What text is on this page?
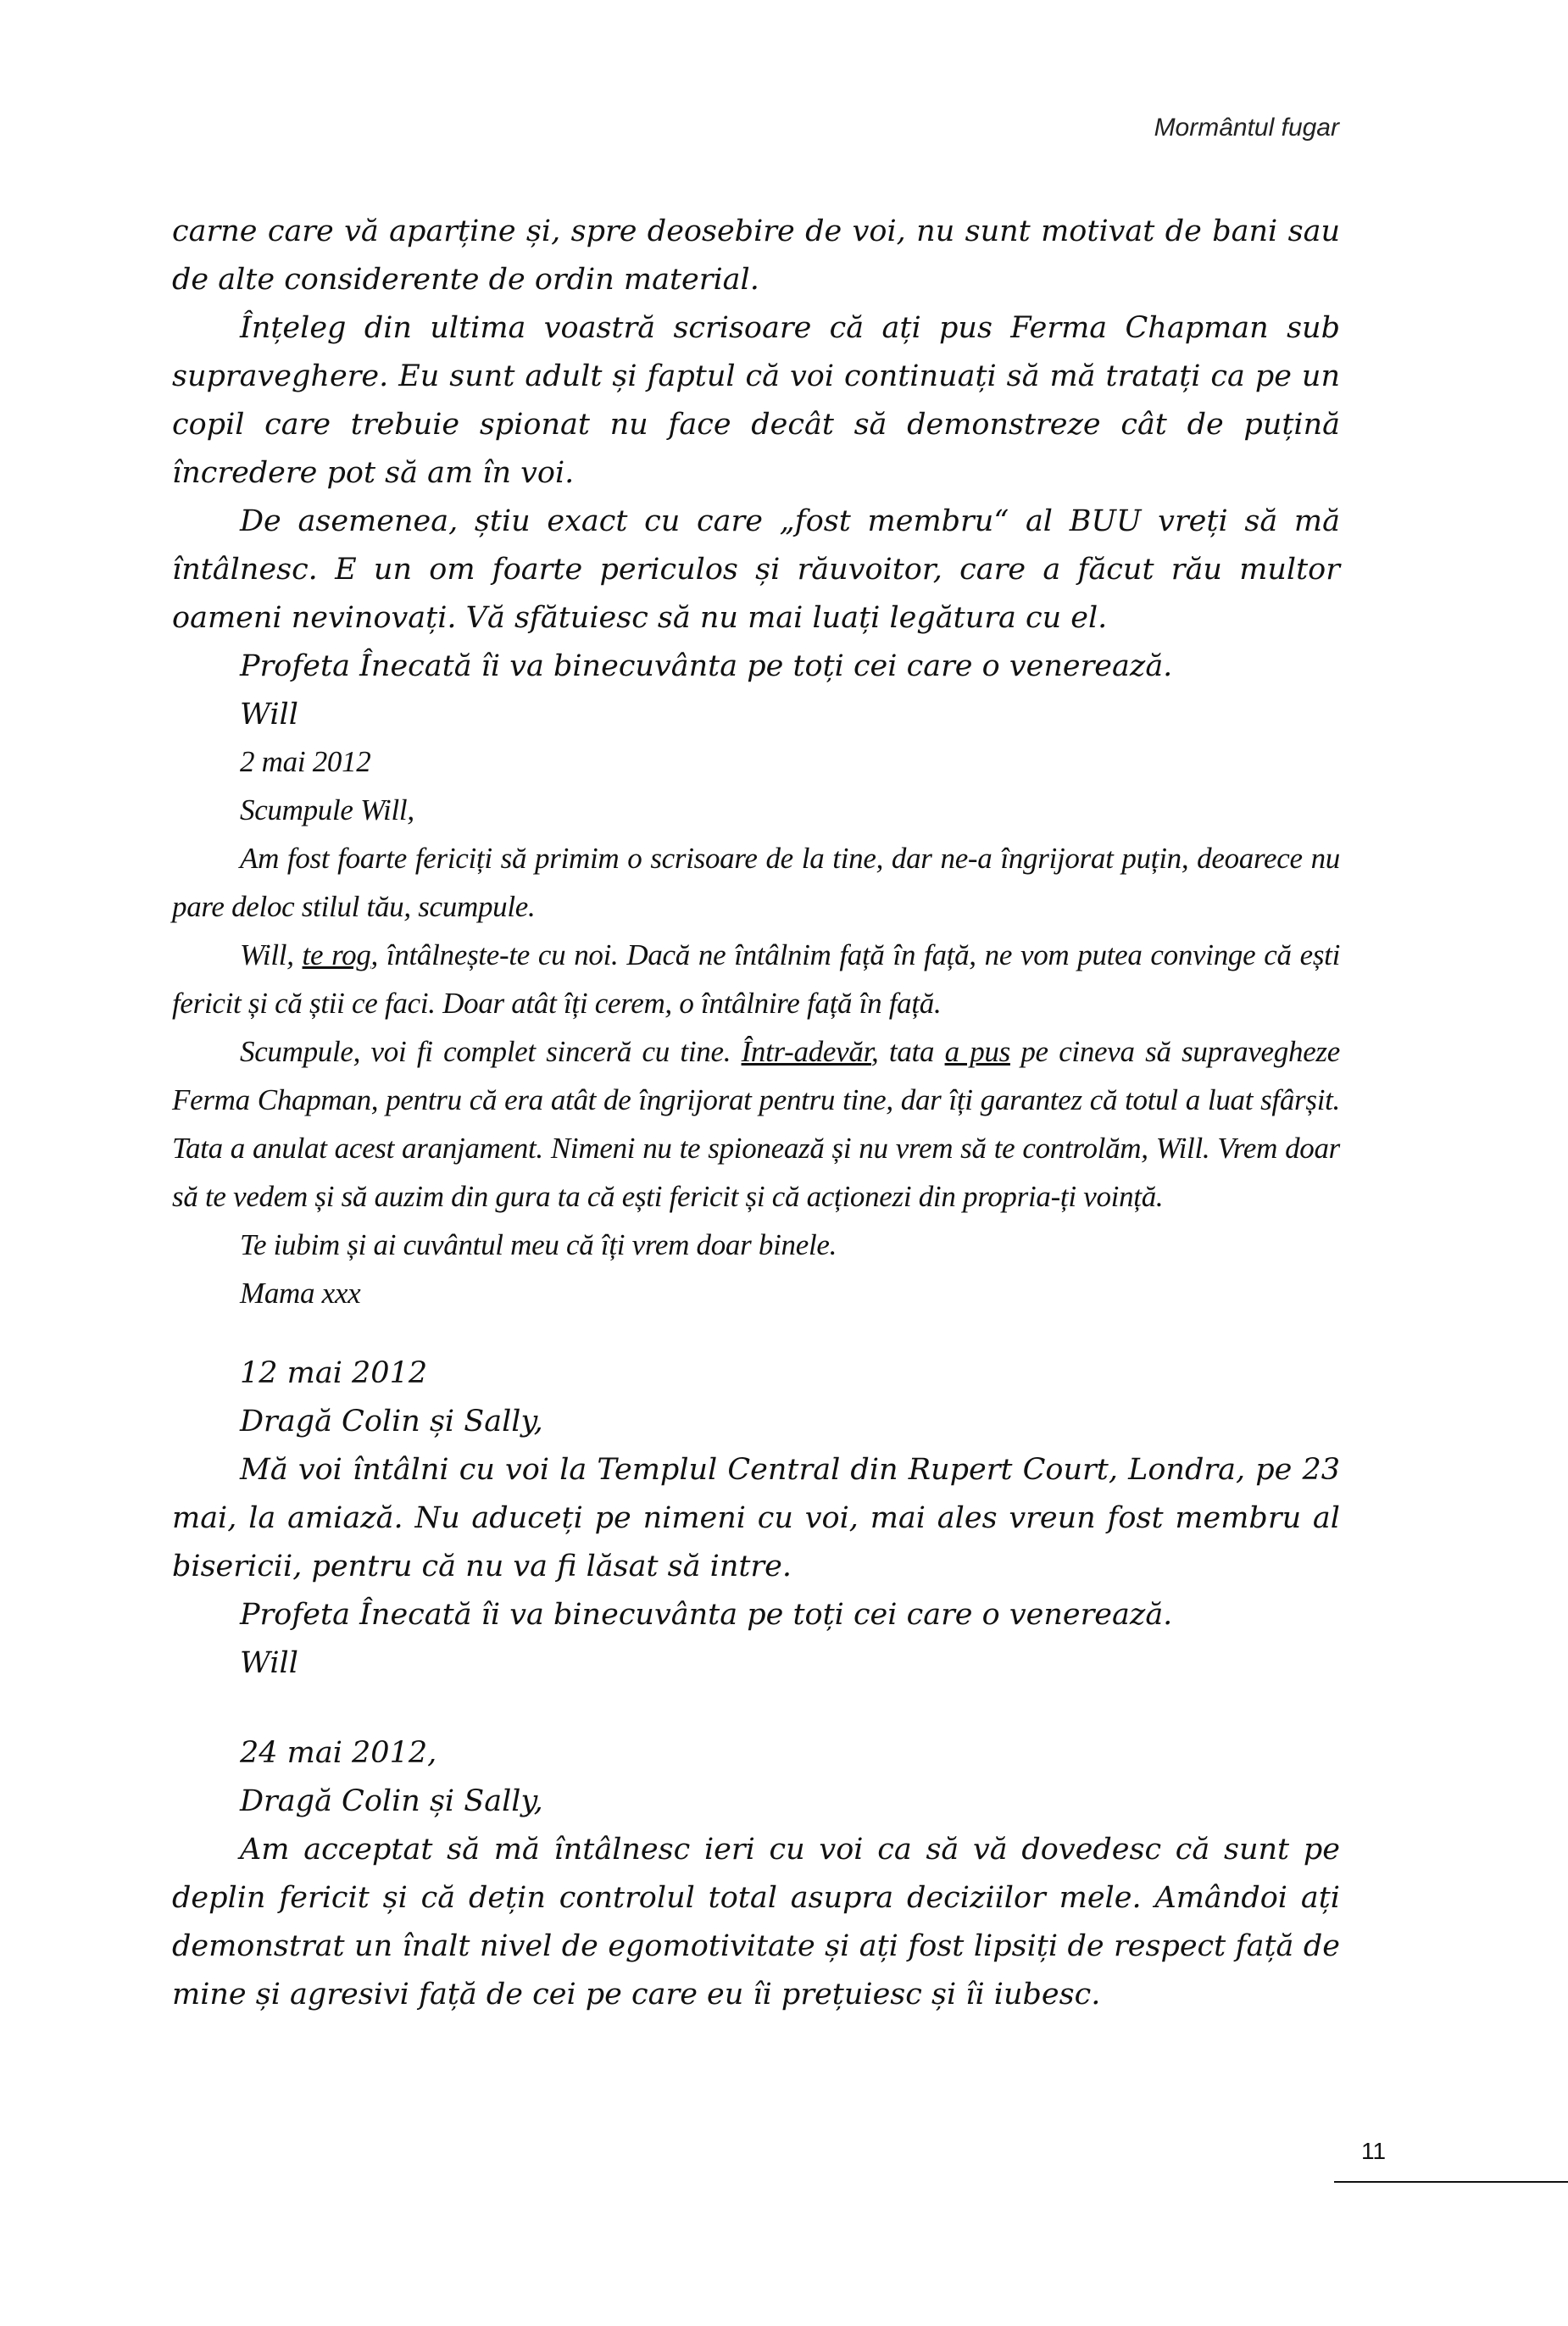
Mormântul fugar

carne care vă aparține și, spre deosebire de voi, nu sunt motivat de bani sau de alte considerente de ordin material.

Înțeleg din ultima voastră scrisoare că ați pus Ferma Chapman sub supraveghere. Eu sunt adult și faptul că voi continuați să mă tratați ca pe un copil care trebuie spionat nu face decât să demonstreze cât de puțină încredere pot să am în voi.

De asemenea, știu exact cu care „fost membru“ al BUU vreți să mă întâlnesc. E un om foarte periculos și răuvoitor, care a făcut rău multor oameni nevinovați. Vă sfătuiesc să nu mai luați legătura cu el.

Profeta Înecată îi va binecuvânta pe toți cei care o venerează.

Will

2 mai 2012

Scumpule Will,

Am fost foarte fericiți să primim o scrisoare de la tine, dar ne-a îngrijorat puțin, deoarece nu pare deloc stilul tău, scumpule.

Will, te rog, întâlnește-te cu noi. Dacă ne întâlnim față în față, ne vom putea convinge că ești fericit și că știi ce faci. Doar atât îți cerem, o întâlnire față în față.

Scumpule, voi fi complet sinceră cu tine. Într-adevăr, tata a pus pe cineva să supravegheze Ferma Chapman, pentru că era atât de îngrijorat pentru tine, dar îți garantez că totul a luat sfârșit. Tata a anulat acest aranjament. Nimeni nu te spionează și nu vrem să te controlăm, Will. Vrem doar să te vedem și să auzim din gura ta că ești fericit și că acționezi din propria-ți voință.

Te iubim și ai cuvântul meu că îți vrem doar binele.

Mama xxx

12 mai 2012

Dragă Colin și Sally,

Mă voi întâlni cu voi la Templul Central din Rupert Court, Londra, pe 23 mai, la amiază. Nu aduceți pe nimeni cu voi, mai ales vreun fost membru al bisericii, pentru că nu va fi lăsat să intre.

Profeta Înecată îi va binecuvânta pe toți cei care o venerează.

Will

24 mai 2012,

Dragă Colin și Sally,

Am acceptat să mă întâlnesc ieri cu voi ca să vă dovedesc că sunt pe deplin fericit și că dețin controlul total asupra deciziilor mele. Amândoi ați demonstrat un înalt nivel de egomotivitate și ați fost lipsiți de respect față de mine și agresivi față de cei pe care eu îi prețuiesc și îi iubesc.

11
